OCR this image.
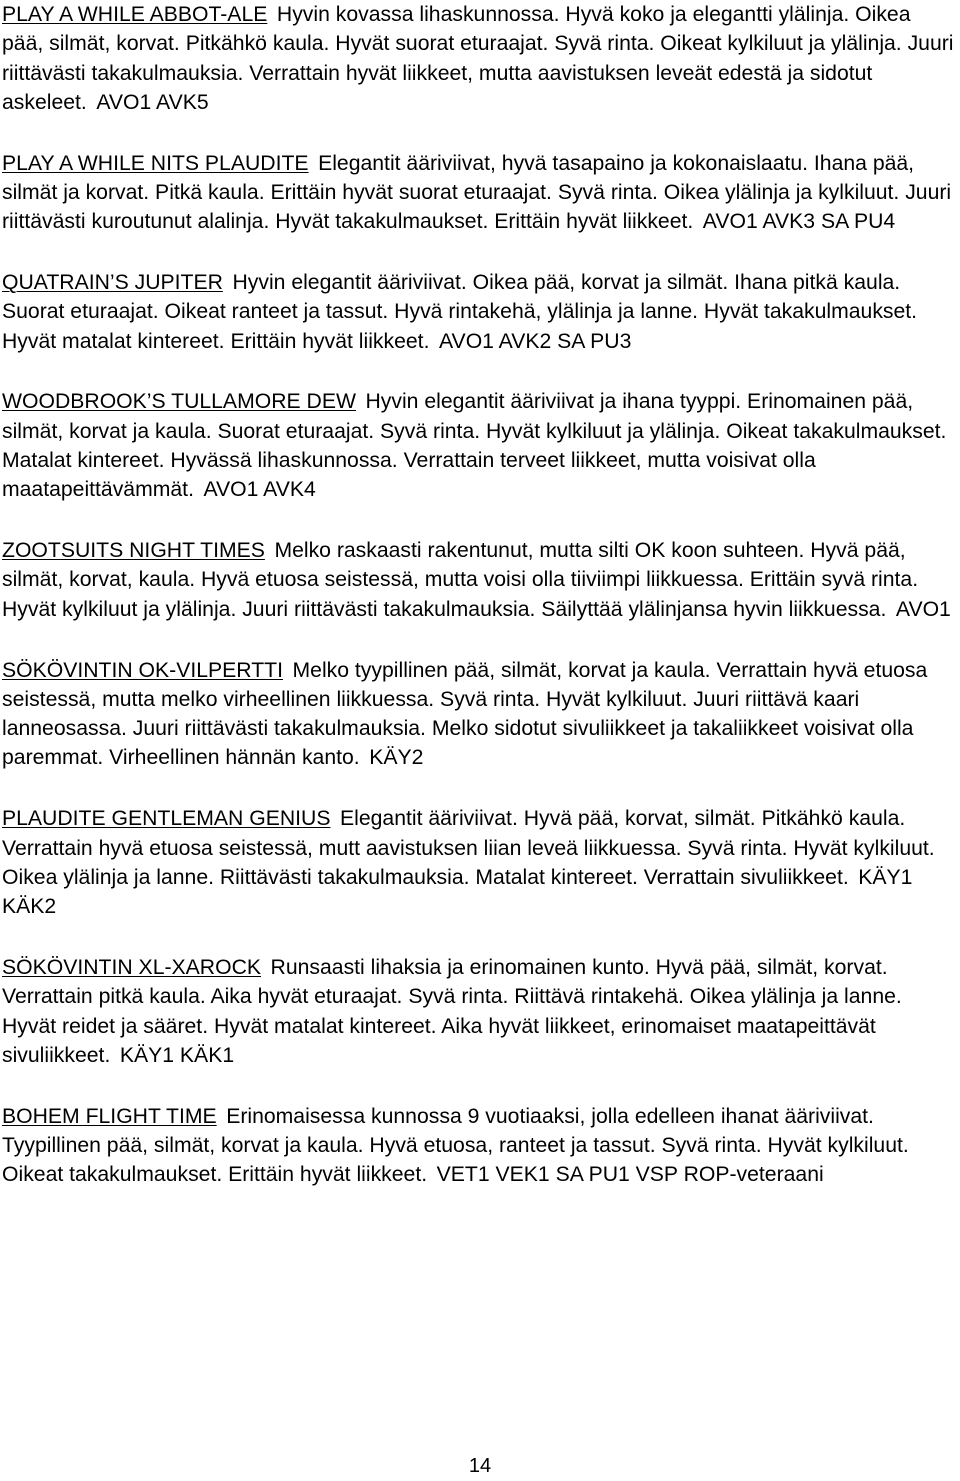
PLAY A WHILE ABBOT-ALE Hyvin kovassa lihaskunnossa. Hyvä koko ja elegantti ylälinja. Oikea pää, silmät, korvat. Pitkähkö kaula. Hyvät suorat eturaajat. Syvä rinta. Oikeat kylkiluut ja ylälinja. Juuri riittävästi takakulmauksia. Verrattain hyvät liikkeet, mutta aavistuksen leveät edestä ja sidotut askeleet. AVO1 AVK5

PLAY A WHILE NITS PLAUDITE Elegantit ääriviivat, hyvä tasapaino ja kokonaislaatu. Ihana pää, silmät ja korvat. Pitkä kaula. Erittäin hyvät suorat eturaajat. Syvä rinta. Oikea ylälinja ja kylkiluut. Juuri riittävästi kuroutunut alalinja. Hyvät takakulmaukset. Erittäin hyvät liikkeet. AVO1 AVK3 SA PU4

QUATRAIN’S JUPITER Hyvin elegantit ääriviivat. Oikea pää, korvat ja silmät. Ihana pitkä kaula. Suorat eturaajat. Oikeat ranteet ja tassut. Hyvä rintakehä, ylälinja ja lanne. Hyvät takakulmaukset. Hyvät matalat kintereet. Erittäin hyvät liikkeet. AVO1 AVK2 SA PU3

WOODBROOK’S TULLAMORE DEW Hyvin elegantit ääriviivat ja ihana tyyppi. Erinomainen pää, silmät, korvat ja kaula. Suorat eturaajat. Syvä rinta. Hyvät kylkiluut ja ylälinja. Oikeat takakulmaukset. Matalat kintereet. Hyvässä lihaskunnossa. Verrattain terveet liikkeet, mutta voisivat olla maatapeittävämmät. AVO1 AVK4

ZOOTSUITS NIGHT TIMES Melko raskaasti rakentunut, mutta silti OK koon suhteen. Hyvä pää, silmät, korvat, kaula. Hyvä etuosa seistessä, mutta voisi olla tiiviimpi liikkuessa. Erittäin syvä rinta. Hyvät kylkiluut ja ylälinja. Juuri riittävästi takakulmauksia. Säilyttää ylälinjansa hyvin liikkuessa. AVO1

SÖKÖVINTIN OK-VILPERTTI Melko tyypillinen pää, silmät, korvat ja kaula. Verrattain hyvä etuosa seistessä, mutta melko virheellinen liikkuessa. Syvä rinta. Hyvät kylkiluut. Juuri riittävä kaari lanneosassa. Juuri riittävästi takakulmauksia. Melko sidotut sivuliikkeet ja takaliikkeet voisivat olla paremmat. Virheellinen hännän kanto. KÄY2

PLAUDITE GENTLEMAN GENIUS Elegantit ääriviivat. Hyvä pää, korvat, silmät. Pitkähkö kaula. Verrattain hyvä etuosa seistessä, mutt aavistuksen liian leveä liikkuessa. Syvä rinta. Hyvät kylkiluut. Oikea ylälinja ja lanne. Riittävästi takakulmauksia. Matalat kintereet. Verrattain sivuliikkeet. KÄY1 KÄK2

SÖKÖVINTIN XL-XAROCK Runsaasti lihaksia ja erinomainen kunto. Hyvä pää, silmät, korvat. Verrattain pitkä kaula. Aika hyvät eturaajat. Syvä rinta. Riittävä rintakehä. Oikea ylälinja ja lanne. Hyvät reidet ja sääret. Hyvät matalat kintereet. Aika hyvät liikkeet, erinomaiset maatapeittävät sivuliikkeet. KÄY1 KÄK1

BOHEM FLIGHT TIME Erinomaisessa kunnossa 9 vuotiaaksi, jolla edelleen ihanat ääriviivat. Tyypillinen pää, silmät, korvat ja kaula. Hyvä etuosa, ranteet ja tassut. Syvä rinta. Hyvät kylkiluut. Oikeat takakulmaukset. Erittäin hyvät liikkeet. VET1 VEK1 SA PU1 VSP ROP-veteraani

14
